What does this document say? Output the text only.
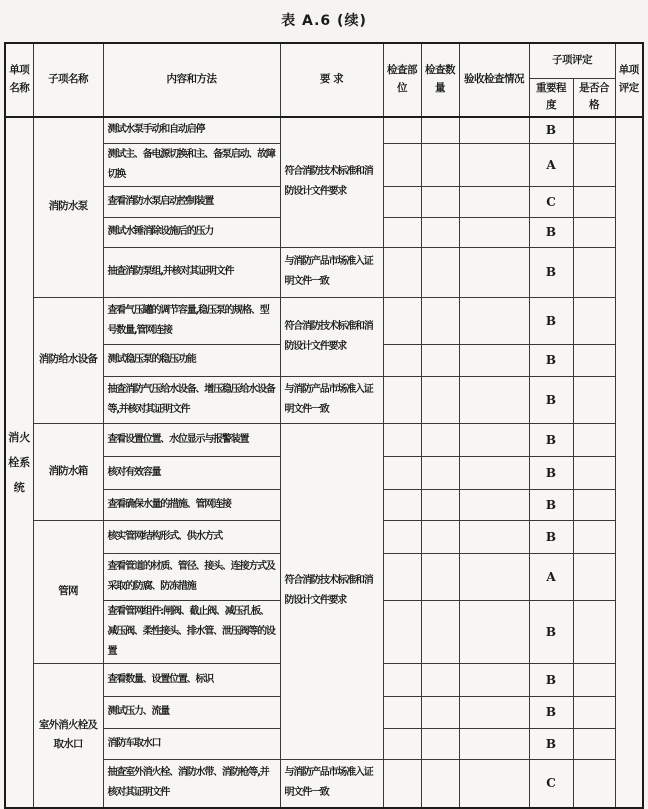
表 A.6 (续)
单项名称	子项名称	内容和方法	要 求	检查部位	检查数量	验收检查情况	子项评定		单项评定
							重要程度	是否合格	
消火栓系统	消防水泵	测试水泵手动和自动启停	符合消防技术标准和消防设计文件要求				B		
		测试主、备电源切换和主、备泵启动、故障切换					A		
		查看消防水泵启动控制装置					C		
		测试水锤消除设施后的压力					B		
		抽查消防泵组,并核对其证明文件	与消防产品市场准入证明文件一致				B		
	消防给水设备	查看气压罐的调节容量,稳压泵的规格、型号数量,管网连接	符合消防技术标准和消防设计文件要求				B		
		测试稳压泵的稳压功能					B		
		抽查消防气压给水设备、增压稳压给水设备等,并核对其证明文件	与消防产品市场准入证明文件一致				B		
	消防水箱	查看设置位置、水位显示与报警装置	符合消防技术标准和消防设计文件要求				B		
		核对有效容量					B		
		查看确保水量的措施、管网连接					B		
	管网	核实管网结构形式、供水方式					B		
		查看管道的材质、管径、接头、连接方式及采取的防腐、防冻措施					A		
		查看管网组件:闸阀、截止阀、减压孔板、减压阀、柔性接头、排水管、泄压阀等的设置					B		
	室外消火栓及取水口	查看数量、设置位置、标识					B		
		测试压力、流量					B		
		消防车取水口					B		
		抽查室外消火栓、消防水带、消防枪等,并核对其证明文件	与消防产品市场准入证明文件一致				C		
